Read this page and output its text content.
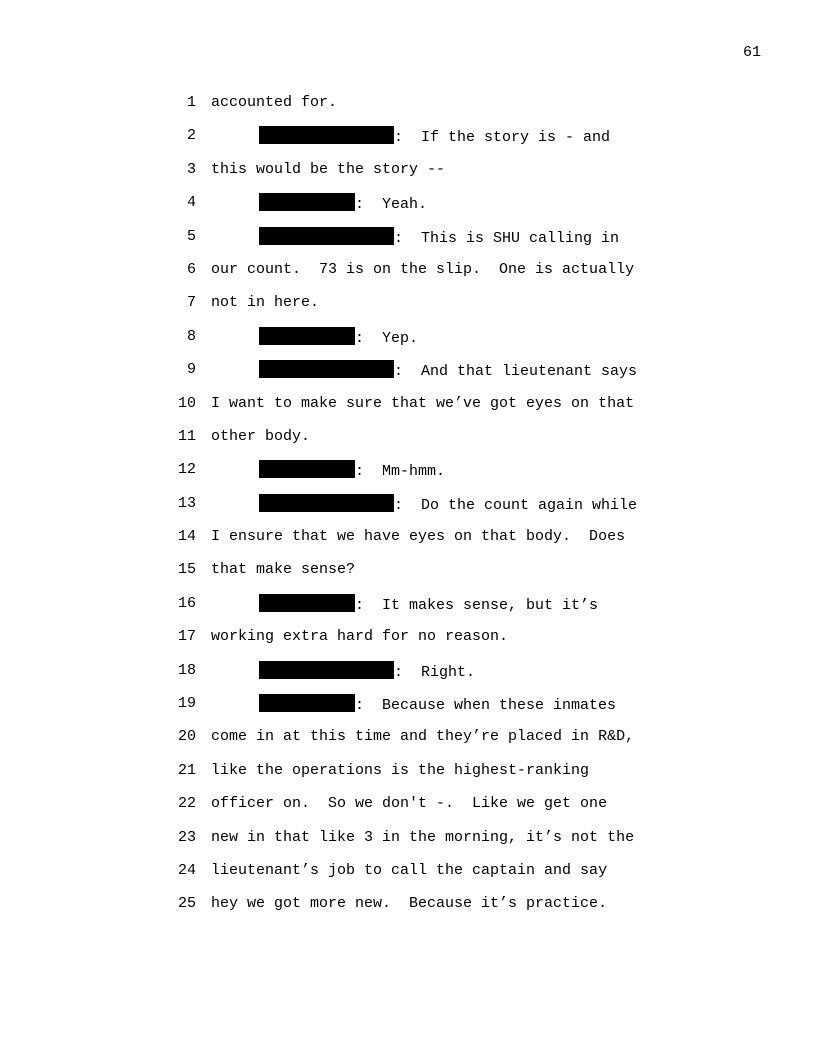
61
1 accounted for.
2	:  If the story is - and
3 this would be the story --
4	:  Yeah.
5	:  This is SHU calling in
6 our count.  73 is on the slip.  One is actually
7 not in here.
8	:  Yep.
9	:  And that lieutenant says
10 I want to make sure that we’ve got eyes on that
11 other body.
12	:  Mm-hmm.
13	:  Do the count again while
14 I ensure that we have eyes on that body.  Does
15 that make sense?
16	:  It makes sense, but it’s
17 working extra hard for no reason.
18	:  Right.
19	:  Because when these inmates
20 come in at this time and they’re placed in R&D,
21 like the operations is the highest-ranking
22 officer on.  So we don't -.  Like we get one
23 new in that like 3 in the morning, it’s not the
24 lieutenant’s job to call the captain and say
25 hey we got more new.  Because it’s practice.
